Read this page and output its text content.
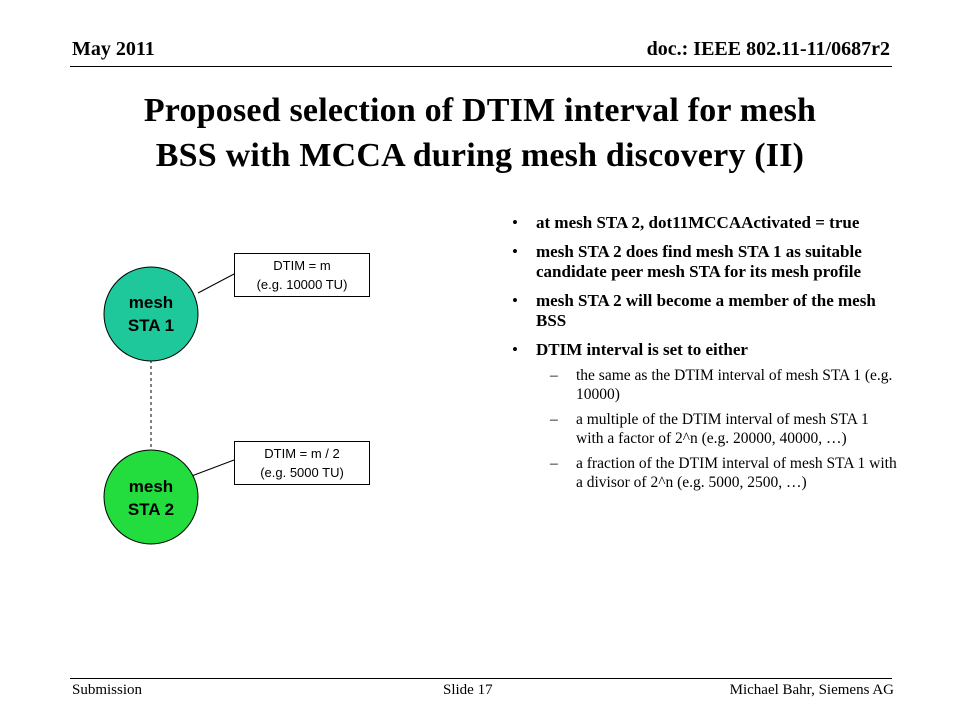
May 2011	doc.: IEEE 802.11-11/0687r2
Proposed selection of DTIM interval for mesh
BSS with MCCA during mesh discovery (II)
mesh
STA 1
mesh
STA 2
DTIM = m
(e.g. 10000 TU)
DTIM = m / 2
(e.g. 5000 TU)
• at mesh STA 2, dot11MCCAActivated = true
• mesh STA 2 does find mesh STA 1 as suitable candidate peer mesh STA for its mesh profile
• mesh STA 2 will become a member of the mesh BSS
• DTIM interval is set to either
– the same as the DTIM interval of mesh STA 1 (e.g. 10000)
– a multiple of the DTIM interval of mesh STA 1 with a factor of 2^n (e.g. 20000, 40000, …)
– a fraction of the DTIM interval of mesh STA 1 with a divisor of 2^n (e.g. 5000, 2500, …)
Submission	Slide 17	Michael Bahr, Siemens AG
